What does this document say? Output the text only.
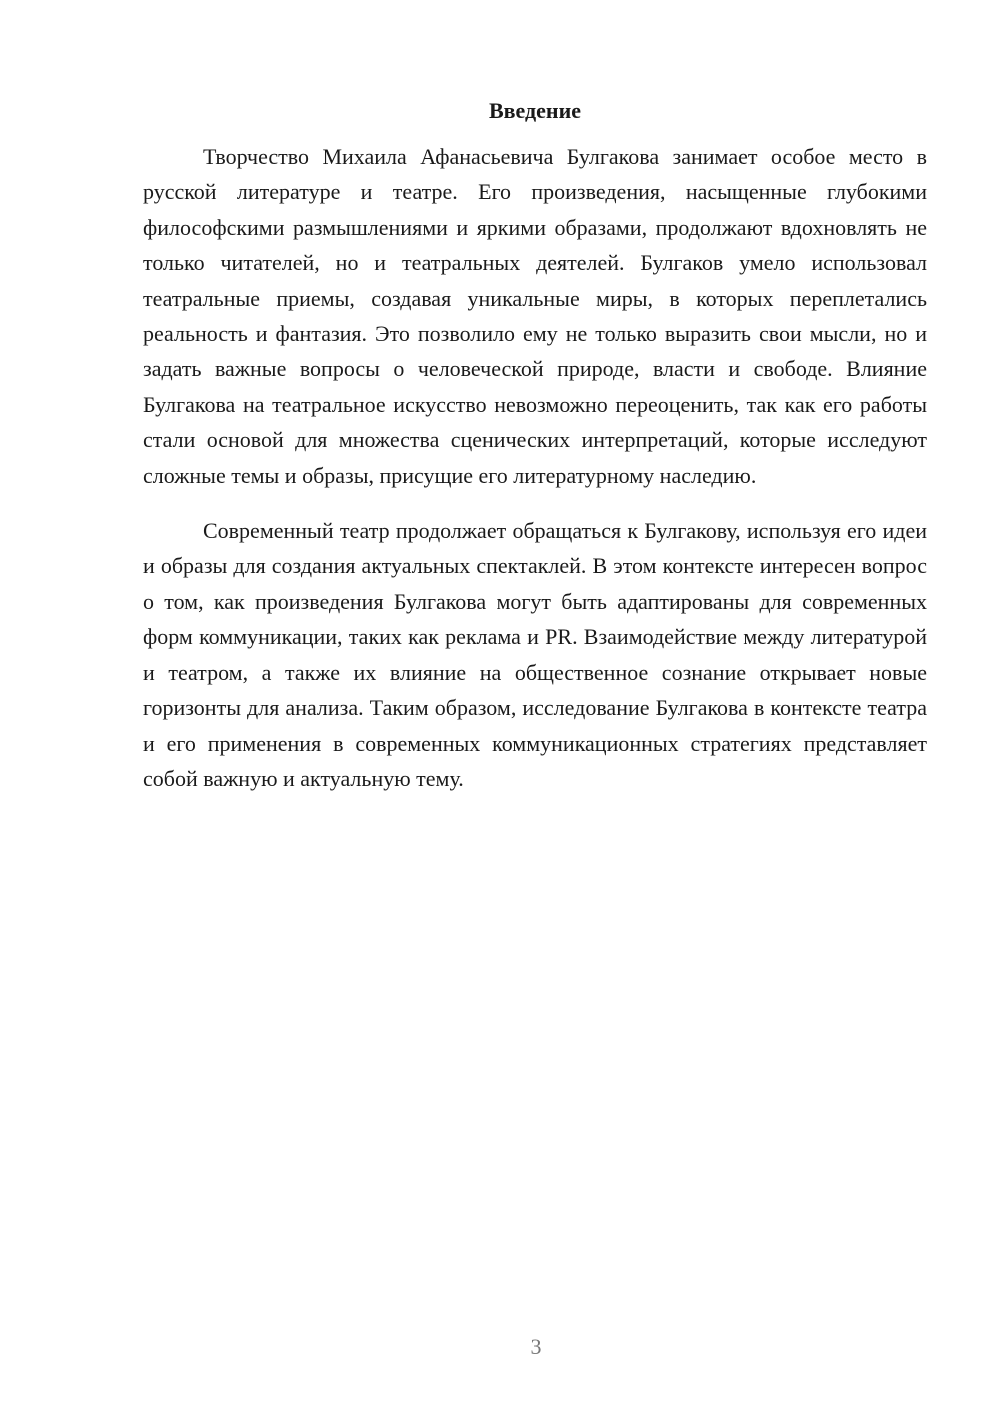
Введение

Творчество Михаила Афанасьевича Булгакова занимает особое место в русской литературе и театре. Его произведения, насыщенные глубокими философскими размышлениями и яркими образами, продолжают вдохновлять не только читателей, но и театральных деятелей. Булгаков умело использовал театральные приемы, создавая уникальные миры, в которых переплетались реальность и фантазия. Это позволило ему не только выразить свои мысли, но и задать важные вопросы о человеческой природе, власти и свободе. Влияние Булгакова на театральное искусство невозможно переоценить, так как его работы стали основой для множества сценических интерпретаций, которые исследуют сложные темы и образы, присущие его литературному наследию.

Современный театр продолжает обращаться к Булгакову, используя его идеи и образы для создания актуальных спектаклей. В этом контексте интересен вопрос о том, как произведения Булгакова могут быть адаптированы для современных форм коммуникации, таких как реклама и PR. Взаимодействие между литературой и театром, а также их влияние на общественное сознание открывает новые горизонты для анализа. Таким образом, исследование Булгакова в контексте театра и его применения в современных коммуникационных стратегиях представляет собой важную и актуальную тему.

3
